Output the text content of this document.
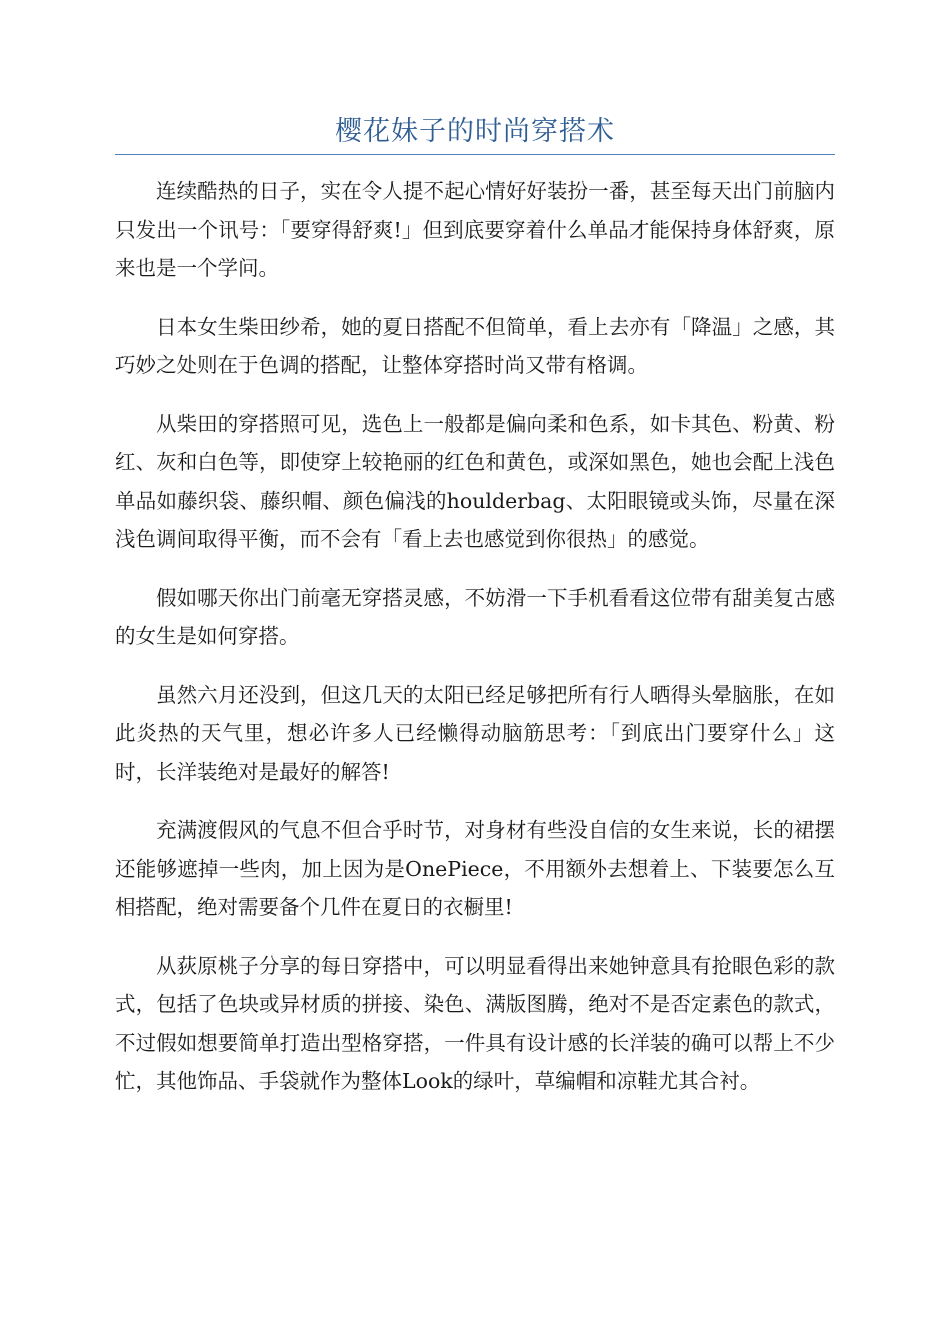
樱花妹子的时尚穿搭术

连续酷热的日子，实在令人提不起心情好好装扮一番，甚至每天出门前脑内只发出一个讯号：「要穿得舒爽!」但到底要穿着什么单品才能保持身体舒爽，原来也是一个学问。

日本女生柴田纱希，她的夏日搭配不但简单，看上去亦有「降温」之感，其巧妙之处则在于色调的搭配，让整体穿搭时尚又带有格调。

从柴田的穿搭照可见，选色上一般都是偏向柔和色系，如卡其色、粉黄、粉红、灰和白色等，即使穿上较艳丽的红色和黄色，或深如黑色，她也会配上浅色单品如藤织袋、藤织帽、颜色偏浅的houlderbag、太阳眼镜或头饰，尽量在深浅色调间取得平衡，而不会有「看上去也感觉到你很热」的感觉。

假如哪天你出门前毫无穿搭灵感，不妨滑一下手机看看这位带有甜美复古感的女生是如何穿搭。

虽然六月还没到，但这几天的太阳已经足够把所有行人晒得头晕脑胀，在如此炎热的天气里，想必许多人已经懒得动脑筋思考：「到底出门要穿什么」这时，长洋装绝对是最好的解答!

充满渡假风的气息不但合乎时节，对身材有些没自信的女生来说，长的裙摆还能够遮掉一些肉，加上因为是OnePiece，不用额外去想着上、下装要怎么互相搭配，绝对需要备个几件在夏日的衣橱里!

从荻原桃子分享的每日穿搭中，可以明显看得出来她钟意具有抢眼色彩的款式，包括了色块或异材质的拼接、染色、满版图腾，绝对不是否定素色的款式，不过假如想要简单打造出型格穿搭，一件具有设计感的长洋装的确可以帮上不少忙，其他饰品、手袋就作为整体Look的绿叶，草编帽和凉鞋尤其合衬。
